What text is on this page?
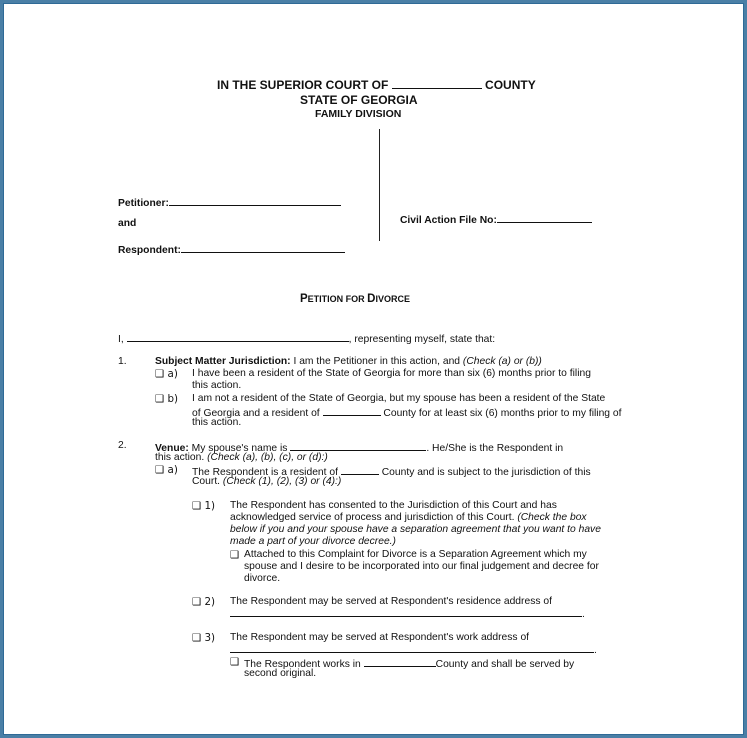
IN THE SUPERIOR COURT OF	COUNTY
STATE OF GEORGIA
FAMILY DIVISION
Petitioner:
and
Respondent:
Civil Action File No:
PETITION FOR DIVORCE
I,	, representing myself, state that:
1.	Subject Matter Jurisdiction: I am the Petitioner in this action, and (Check (a) or (b))
❑ a) I have been a resident of the State of Georgia for more than six (6) months prior to filing
this action.
❑ b) I am not a resident of the State of Georgia, but my spouse has been a resident of the State
of Georgia and a resident of	County for at least six (6) months prior to my filing of
this action.
2.	Venue: My spouse's name is	. He/She is the Respondent in
this action. (Check (a), (b), (c), or (d):)
❑ a) The Respondent is a resident of	County and is subject to the jurisdiction of this
Court. (Check (1), (2), (3) or (4):)
❑ 1) The Respondent has consented to the Jurisdiction of this Court and has
acknowledged service of process and jurisdiction of this Court. (Check the box
below if you and your spouse have a separation agreement that you want to have
made a part of your divorce decree.)
❑ Attached to this Complaint for Divorce is a Separation Agreement which my
spouse and I desire to be incorporated into our final judgement and decree for
divorce.
❑ 2) The Respondent may be served at Respondent's residence address of
.
❑ 3) The Respondent may be served at Respondent's work address of
.
❑ The Respondent works in	County and shall be served by
second original.
